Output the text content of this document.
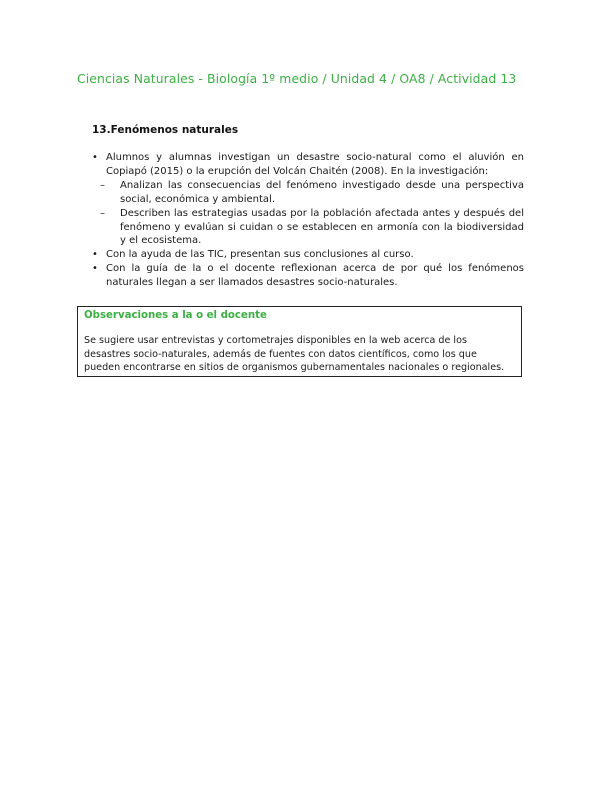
Ciencias Naturales - Biología 1º medio / Unidad 4 / OA8 / Actividad 13
13.Fenómenos naturales
• Alumnos y alumnas investigan un desastre socio-natural como el aluvión en Copiapó (2015) o la erupción del Volcán Chaitén (2008). En la investigación:
–	Analizan las consecuencias del fenómeno investigado desde una perspectiva social, económica y ambiental.
–	Describen las estrategias usadas por la población afectada antes y después del fenómeno y evalúan si cuidan o se establecen en armonía con la biodiversidad y el ecosistema.
• Con la ayuda de las TIC, presentan sus conclusiones al curso.
• Con la guía de la o el docente reflexionan acerca de por qué los fenómenos naturales llegan a ser llamados desastres socio-naturales.
Observaciones a la o el docente
Se sugiere usar entrevistas y cortometrajes disponibles en la web acerca de los desastres socio-naturales, además de fuentes con datos científicos, como los que pueden encontrarse en sitios de organismos gubernamentales nacionales o regionales.
